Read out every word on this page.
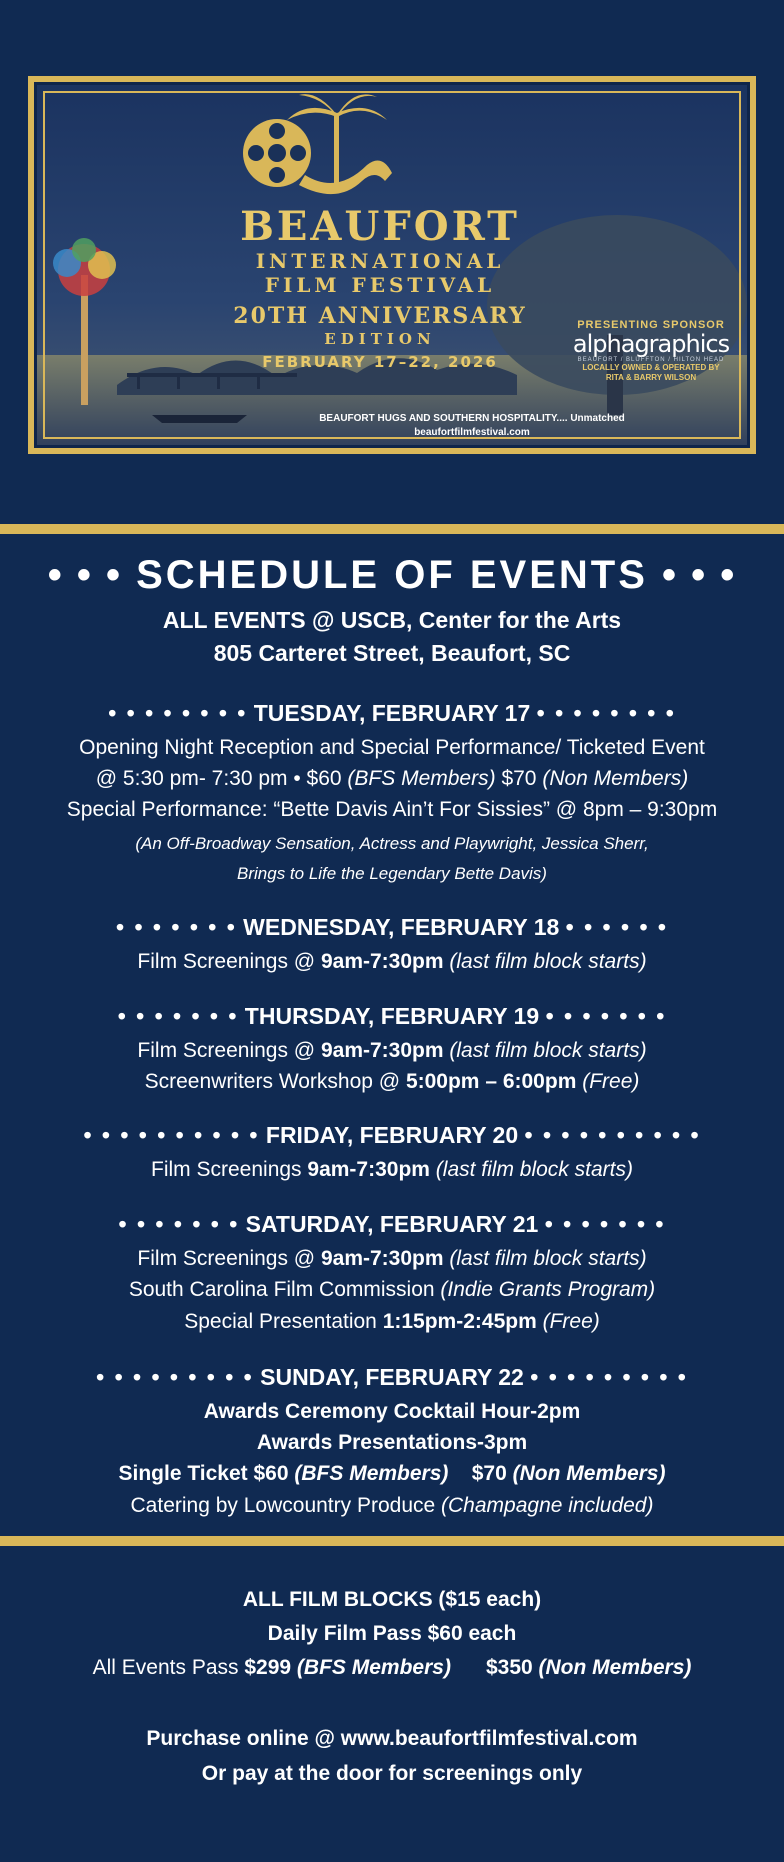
BEAUFORT
INTERNATIONAL
FILM FESTIVAL
20TH ANNIVERSARY
EDITION
FEBRUARY 17–22, 2026
PRESENTING SPONSOR
alphagraphics
BEAUFORT / BLUFFTON / HILTON HEAD
LOCALLY OWNED & OPERATED BY
RITA & BARRY WILSON
BEAUFORT HUGS AND SOUTHERN HOSPITALITY.... Unmatched
beaufortfilmfestival.com
• • • SCHEDULE OF EVENTS • • •
ALL EVENTS @ USCB, Center for the Arts
805 Carteret Street, Beaufort, SC
• • • • • • • • TUESDAY, FEBRUARY 17 • • • • • • • •
Opening Night Reception and Special Performance/ Ticketed Event
@ 5:30 pm- 7:30 pm • $60 (BFS Members) $70 (Non Members)
Special Performance: “Bette Davis Ain’t For Sissies” @ 8pm – 9:30pm
(An Off-Broadway Sensation, Actress and Playwright, Jessica Sherr,
Brings to Life the Legendary Bette Davis)
• • • • • • • WEDNESDAY, FEBRUARY 18 • • • • • •
Film Screenings @ 9am-7:30pm (last film block starts)
• • • • • • • THURSDAY, FEBRUARY 19 • • • • • • •
Film Screenings @ 9am-7:30pm (last film block starts)
Screenwriters Workshop @ 5:00pm – 6:00pm (Free)
• • • • • • • • • • FRIDAY, FEBRUARY 20 • • • • • • • • • •
Film Screenings 9am-7:30pm (last film block starts)
• • • • • • • SATURDAY, FEBRUARY 21 • • • • • • •
Film Screenings @ 9am-7:30pm (last film block starts)
South Carolina Film Commission (Indie Grants Program)
Special Presentation 1:15pm-2:45pm (Free)
• • • • • • • • • SUNDAY, FEBRUARY 22 • • • • • • • • •
Awards Ceremony Cocktail Hour-2pm
Awards Presentations-3pm
Single Ticket $60 (BFS Members)    $70 (Non Members)
Catering by Lowcountry Produce (Champagne included)
ALL FILM BLOCKS ($15 each)
Daily Film Pass $60 each
All Events Pass $299 (BFS Members)      $350 (Non Members)
Purchase online @ www.beaufortfilmfestival.com
Or pay at the door for screenings only
